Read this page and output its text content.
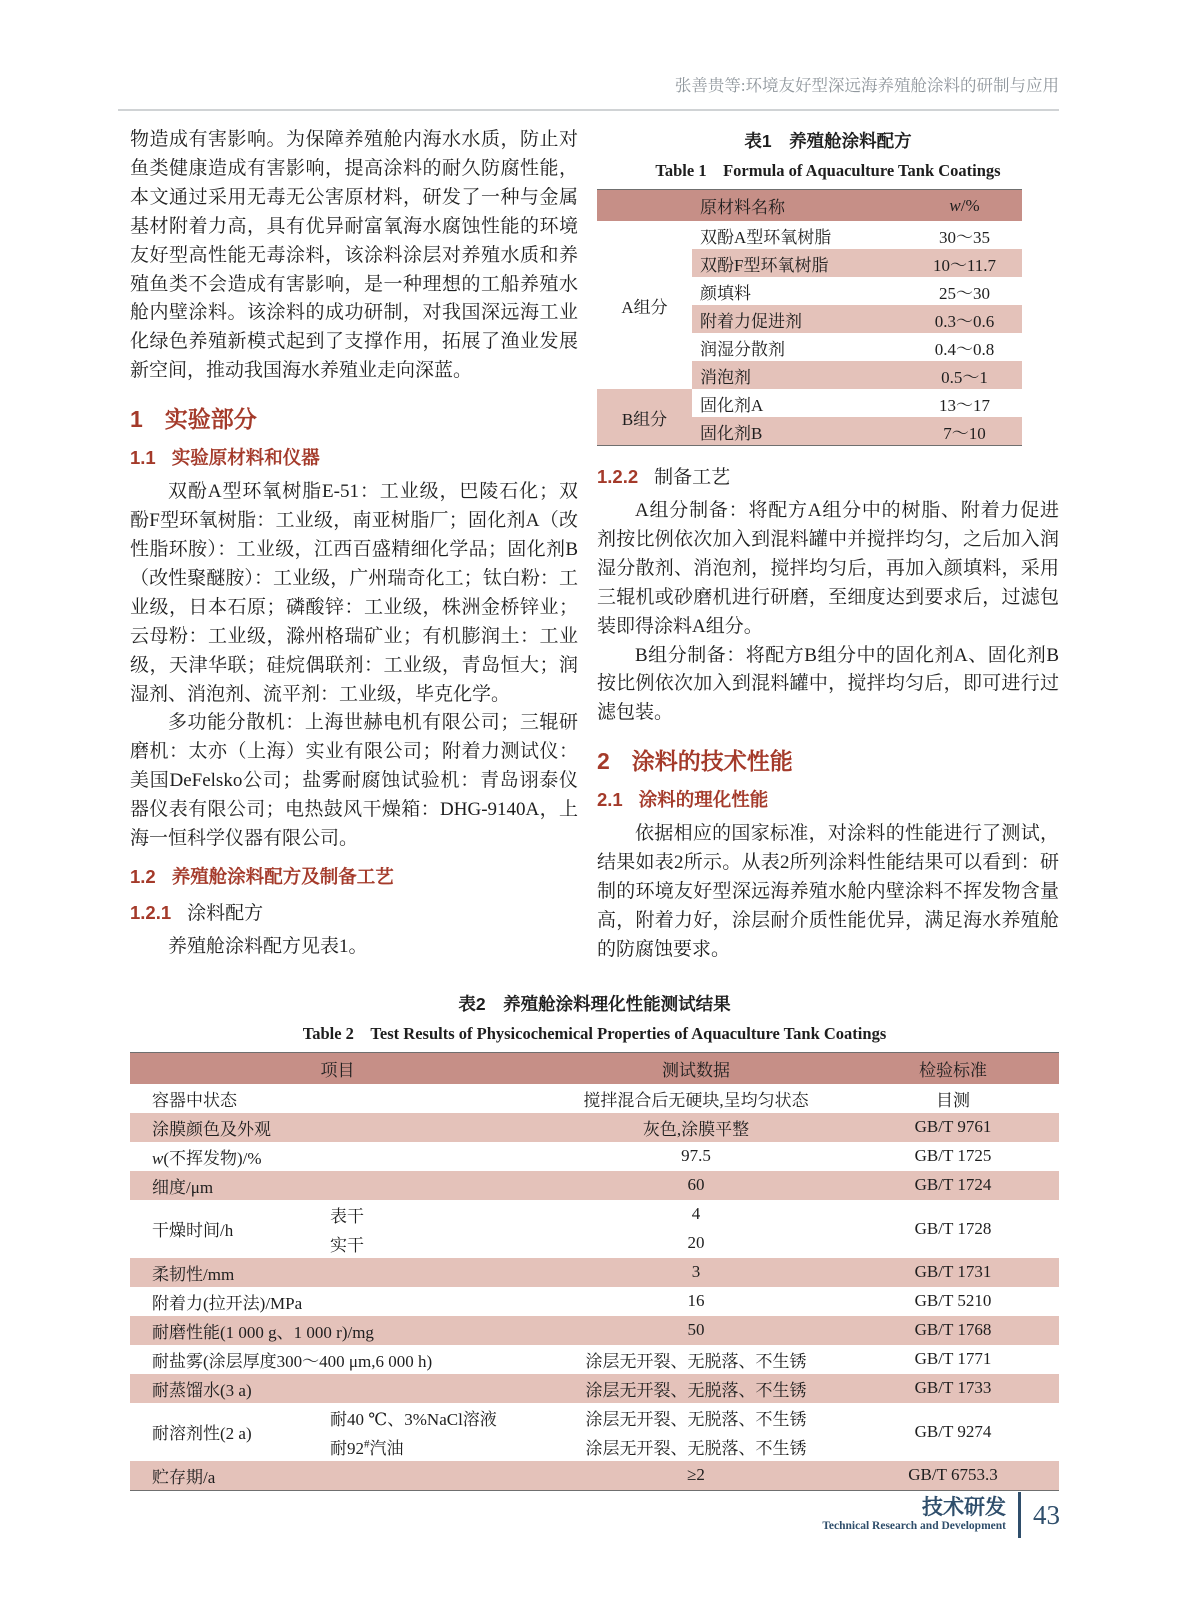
张善贵等:环境友好型深远海养殖舱涂料的研制与应用

物造成有害影响。为保障养殖舱内海水水质，防止对鱼类健康造成有害影响，提高涂料的耐久防腐性能，本文通过采用无毒无公害原材料，研发了一种与金属基材附着力高，具有优异耐富氧海水腐蚀性能的环境友好型高性能无毒涂料，该涂料涂层对养殖水质和养殖鱼类不会造成有害影响，是一种理想的工船养殖水舱内壁涂料。该涂料的成功研制，对我国深远海工业化绿色养殖新模式起到了支撑作用，拓展了渔业发展新空间，推动我国海水养殖业走向深蓝。

1 实验部分
1.1 实验原材料和仪器

双酚A型环氧树脂E-51：工业级，巴陵石化；双酚F型环氧树脂：工业级，南亚树脂厂；固化剂A（改性脂环胺）：工业级，江西百盛精细化学品；固化剂B（改性聚醚胺）：工业级，广州瑞奇化工；钛白粉：工业级，日本石原；磷酸锌：工业级，株洲金桥锌业；云母粉：工业级，滁州格瑞矿业；有机膨润土：工业级，天津华联；硅烷偶联剂：工业级，青岛恒大；润湿剂、消泡剂、流平剂：工业级，毕克化学。

多功能分散机：上海世赫电机有限公司；三辊研磨机：太亦（上海）实业有限公司；附着力测试仪：美国DeFelsko公司；盐雾耐腐蚀试验机：青岛诩泰仪器仪表有限公司；电热鼓风干燥箱：DHG-9140A，上海一恒科学仪器有限公司。

1.2 养殖舱涂料配方及制备工艺
1.2.1 涂料配方

养殖舱涂料配方见表1。

表1　养殖舱涂料配方
Table 1　Formula of Aquaculture Tank Coatings
	原材料名称	w/%
A组分	双酚A型环氧树脂	30～35
	双酚F型环氧树脂	10～11.7
	颜填料	25～30
	附着力促进剂	0.3～0.6
	润湿分散剂	0.4～0.8
	消泡剂	0.5～1
B组分	固化剂A	13～17
	固化剂B	7～10
1.2.2 制备工艺

A组分制备：将配方A组分中的树脂、附着力促进剂按比例依次加入到混料罐中并搅拌均匀，之后加入润湿分散剂、消泡剂，搅拌均匀后，再加入颜填料，采用三辊机或砂磨机进行研磨，至细度达到要求后，过滤包装即得涂料A组分。

B组分制备：将配方B组分中的固化剂A、固化剂B按比例依次加入到混料罐中，搅拌均匀后，即可进行过滤包装。

2 涂料的技术性能
2.1 涂料的理化性能

依据相应的国家标准，对涂料的性能进行了测试，结果如表2所示。从表2所列涂料性能结果可以看到：研制的环境友好型深远海养殖水舱内壁涂料不挥发物含量高，附着力好，涂层耐介质性能优异，满足海水养殖舱的防腐蚀要求。

表2　养殖舱涂料理化性能测试结果
Table 2　Test Results of Physicochemical Properties of Aquaculture Tank Coatings
项目		测试数据	检验标准
容器中状态		搅拌混合后无硬块,呈均匀状态	目测
涂膜颜色及外观		灰色,涂膜平整	GB/T 9761
w(不挥发物)/%		97.5	GB/T 1725
细度/μm		60	GB/T 1724
干燥时间/h	表干	4	GB/T 1728
	实干	20	
柔韧性/mm		3	GB/T 1731
附着力(拉开法)/MPa		16	GB/T 5210
耐磨性能(1 000 g、1 000 r)/mg		50	GB/T 1768
耐盐雾(涂层厚度300～400 μm,6 000 h)		涂层无开裂、无脱落、不生锈	GB/T 1771
耐蒸馏水(3 a)		涂层无开裂、无脱落、不生锈	GB/T 1733
耐溶剂性(2 a)	耐40 ℃、3%NaCl溶液	涂层无开裂、无脱落、不生锈	GB/T 9274
	耐92#汽油	涂层无开裂、无脱落、不生锈	
贮存期/a		≥2	GB/T 6753.3
技术研发
Technical Research and Development 43
